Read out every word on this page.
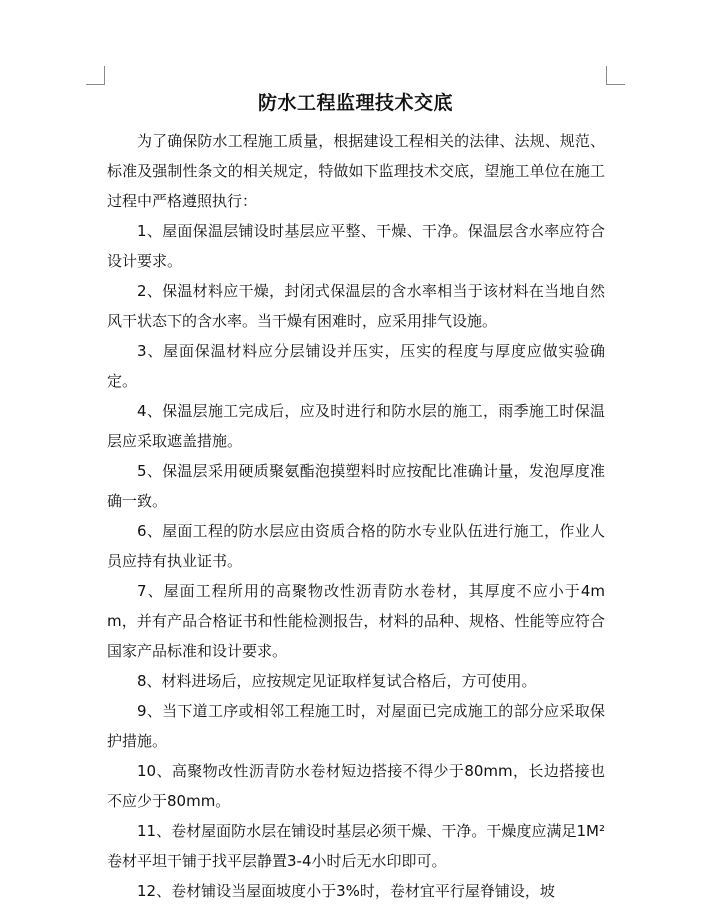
防水工程监理技术交底

为了确保防水工程施工质量，根据建设工程相关的法律、法规、规范、标准及强制性条文的相关规定，特做如下监理技术交底，望施工单位在施工过程中严格遵照执行：

1、屋面保温层铺设时基层应平整、干燥、干净。保温层含水率应符合设计要求。

2、保温材料应干燥，封闭式保温层的含水率相当于该材料在当地自然风干状态下的含水率。当干燥有困难时，应采用排气设施。

3、屋面保温材料应分层铺设并压实，压实的程度与厚度应做实验确定。

4、保温层施工完成后，应及时进行和防水层的施工，雨季施工时保温层应采取遮盖措施。

5、保温层采用硬质聚氨酯泡摸塑料时应按配比准确计量，发泡厚度准确一致。

6、屋面工程的防水层应由资质合格的防水专业队伍进行施工，作业人员应持有执业证书。

7、屋面工程所用的高聚物改性沥青防水卷材，其厚度不应小于4mm，并有产品合格证书和性能检测报告，材料的品种、规格、性能等应符合国家产品标准和设计要求。

8、材料进场后，应按规定见证取样复试合格后，方可使用。

9、当下道工序或相邻工程施工时，对屋面已完成施工的部分应采取保护措施。

10、高聚物改性沥青防水卷材短边搭接不得少于80mm，长边搭接也不应少于80mm。

11、卷材屋面防水层在铺设时基层必须干燥、干净。干燥度应满足1M²卷材平坦干铺于找平层静置3-4小时后无水印即可。

12、卷材铺设当屋面坡度小于3%时，卷材宜平行屋脊铺设，坡
